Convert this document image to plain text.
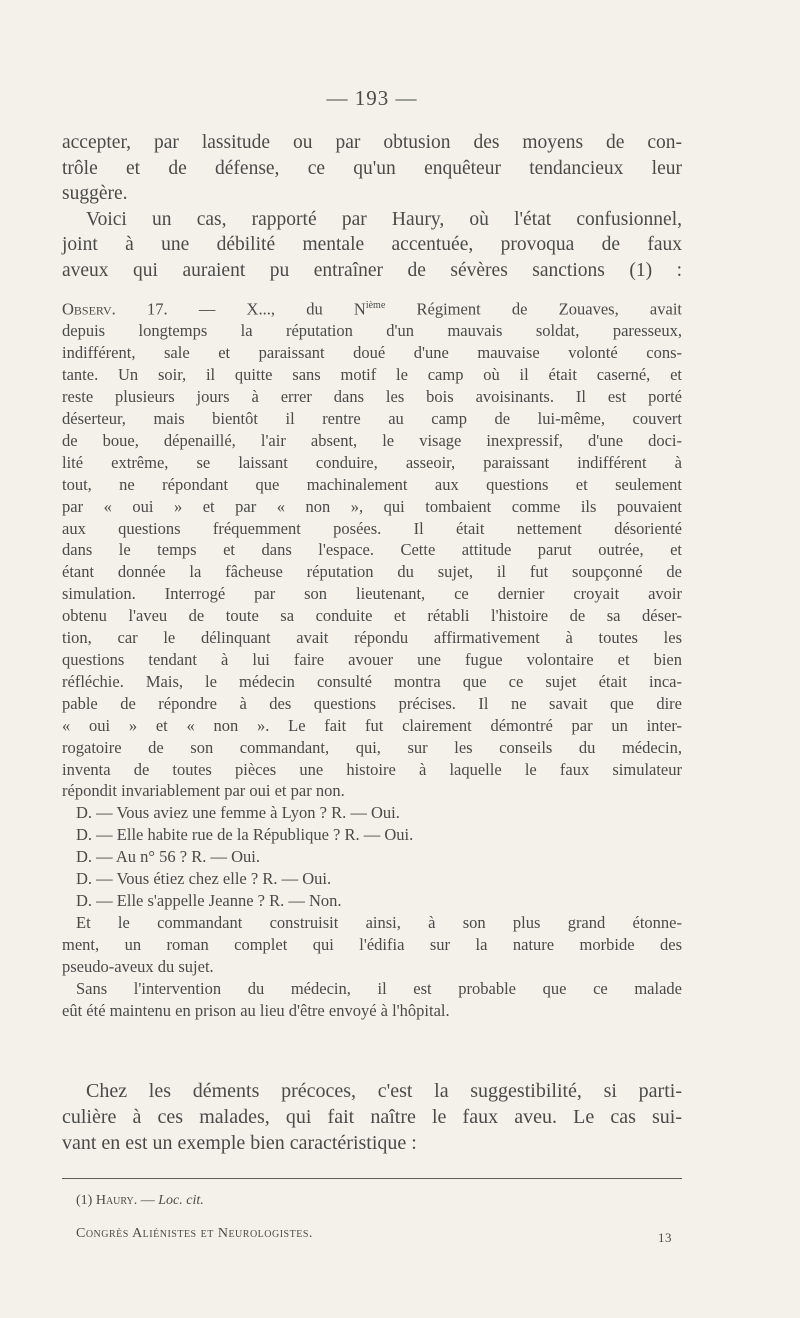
— 193 —

accepter, par lassitude ou par obtusion des moyens de con-
trôle et de défense, ce qu'un enquêteur tendancieux leur
suggère.

Voici un cas, rapporté par Haury, où l'état confusionnel,
joint à une débilité mentale accentuée, provoqua de faux
aveux qui auraient pu entraîner de sévères sanctions (1) :

Observ. 17. — X..., du $N^{ième}$ Régiment de Zouaves, avait
depuis longtemps la réputation d'un mauvais soldat, paresseux,
indifférent, sale et paraissant doué d'une mauvaise volonté cons-
tante. Un soir, il quitte sans motif le camp où il était caserné, et
reste plusieurs jours à errer dans les bois avoisinants. Il est porté
déserteur, mais bientôt il rentre au camp de lui-même, couvert
de boue, dépenaillé, l'air absent, le visage inexpressif, d'une doci-
lité extrême, se laissant conduire, asseoir, paraissant indifférent à
tout, ne répondant que machinalement aux questions et seulement
par « oui » et par « non », qui tombaient comme ils pouvaient
aux questions fréquemment posées. Il était nettement désorienté
dans le temps et dans l'espace. Cette attitude parut outrée, et
étant donnée la fâcheuse réputation du sujet, il fut soupçonné de
simulation. Interrogé par son lieutenant, ce dernier croyait avoir
obtenu l'aveu de toute sa conduite et rétabli l'histoire de sa déser-
tion, car le délinquant avait répondu affirmativement à toutes les
questions tendant à lui faire avouer une fugue volontaire et bien
réfléchie. Mais, le médecin consulté montra que ce sujet était inca-
pable de répondre à des questions précises. Il ne savait que dire
« oui » et « non ». Le fait fut clairement démontré par un inter-
rogatoire de son commandant, qui, sur les conseils du médecin,
inventa de toutes pièces une histoire à laquelle le faux simulateur
répondit invariablement par oui et par non.

D. — Vous aviez une femme à Lyon ? R. — Oui.
D. — Elle habite rue de la République ? R. — Oui.
D. — Au n° 56 ? R. — Oui.
D. — Vous étiez chez elle ? R. — Oui.
D. — Elle s'appelle Jeanne ? R. — Non.

Et le commandant construisit ainsi, à son plus grand étonne-
ment, un roman complet qui l'édifia sur la nature morbide des
pseudo-aveux du sujet.

Sans l'intervention du médecin, il est probable que ce malade
eût été maintenu en prison au lieu d'être envoyé à l'hôpital.

Chez les déments précoces, c'est la suggestibilité, si parti-
culière à ces malades, qui fait naître le faux aveu. Le cas sui-
vant en est un exemple bien caractéristique :

(1) Haury. — Loc. cit.
Congrès Aliénistes et Neurologistes.	13
